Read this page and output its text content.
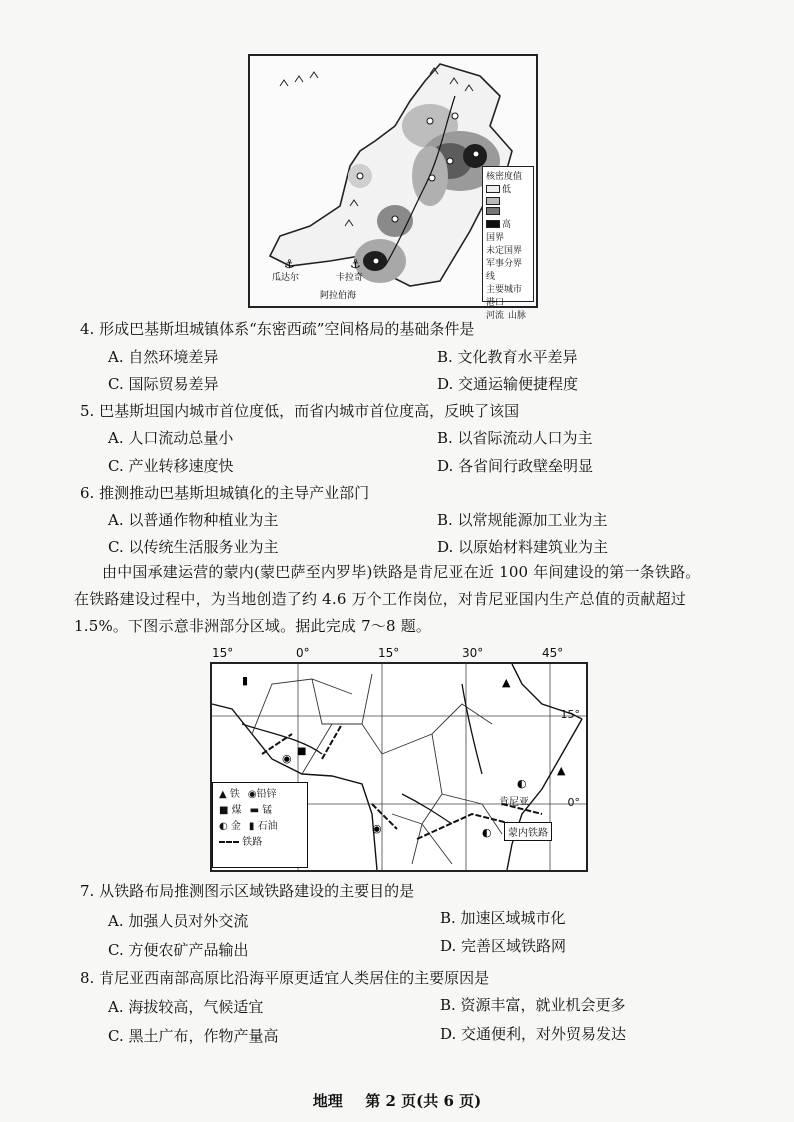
⚓	⚓
瓜达尔	卡拉奇
阿拉伯海
核密度值
低
高
国界
未定国界
军事分界线
主要城市
港口
河流 山脉
4. 形成巴基斯坦城镇体系“东密西疏”空间格局的基础条件是
A. 自然环境差异	B. 文化教育水平差异
C. 国际贸易差异	D. 交通运输便捷程度
5. 巴基斯坦国内城市首位度低，而省内城市首位度高，反映了该国
A. 人口流动总量小	B. 以省际流动人口为主
C. 产业转移速度快	D. 各省间行政壁垒明显
6. 推测推动巴基斯坦城镇化的主导产业部门
A. 以普通作物种植业为主	B. 以常规能源加工业为主
C. 以传统生活服务业为主	D. 以原始材料建筑业为主
由中国承建运营的蒙内(蒙巴萨至内罗毕)铁路是肯尼亚在近 100 年间建设的第一条铁路。
在铁路建设过程中，为当地创造了约 4.6 万个工作岗位，对肯尼亚国内生产总值的贡献超过
1.5%。下图示意非洲部分区域。据此完成 7～8 题。
15°	0°	15°	30°	45°
▲
▲
◉
◐
◐
◉
▮
■
肯尼亚
15°
0°
蒙内铁路
▲ 铁 ◉铅锌
■ 煤 ▬ 锰
◐ 金 ▮ 石油
铁路
7. 从铁路布局推测图示区域铁路建设的主要目的是
A. 加强人员对外交流	B. 加速区域城市化
C. 方便农矿产品输出	D. 完善区域铁路网
8. 肯尼亚西南部高原比沿海平原更适宜人类居住的主要原因是
A. 海拔较高，气候适宜	B. 资源丰富，就业机会更多
C. 黑土广布，作物产量高	D. 交通便利，对外贸易发达
地理 第 2 页(共 6 页)
